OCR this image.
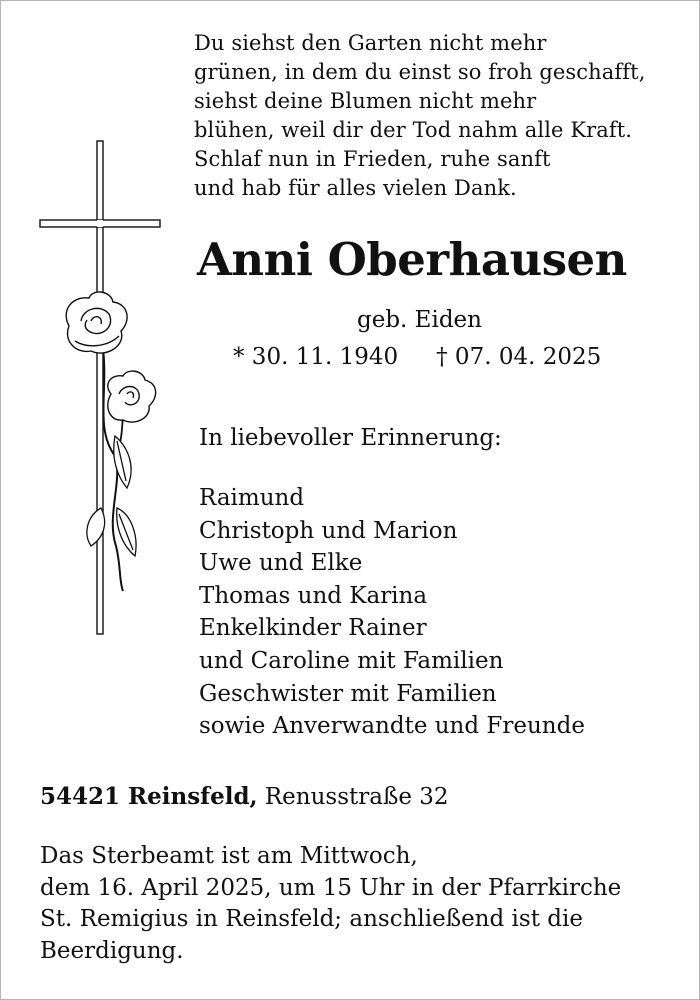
Du siehst den Garten nicht mehr
grünen, in dem du einst so froh geschafft,
siehst deine Blumen nicht mehr
blühen, weil dir der Tod nahm alle Kraft.
Schlaf nun in Frieden, ruhe sanft
und hab für alles vielen Dank.
Anni Oberhausen
geb. Eiden
* 30. 11. 1940 † 07. 04. 2025
In liebevoller Erinnerung:
Raimund
Christoph und Marion
Uwe und Elke
Thomas und Karina
Enkelkinder Rainer
und Caroline mit Familien
Geschwister mit Familien
sowie Anverwandte und Freunde
54421 Reinsfeld, Renusstraße 32
Das Sterbeamt ist am Mittwoch,
dem 16. April 2025, um 15 Uhr in der Pfarrkirche
St. Remigius in Reinsfeld; anschließend ist die
Beerdigung.
